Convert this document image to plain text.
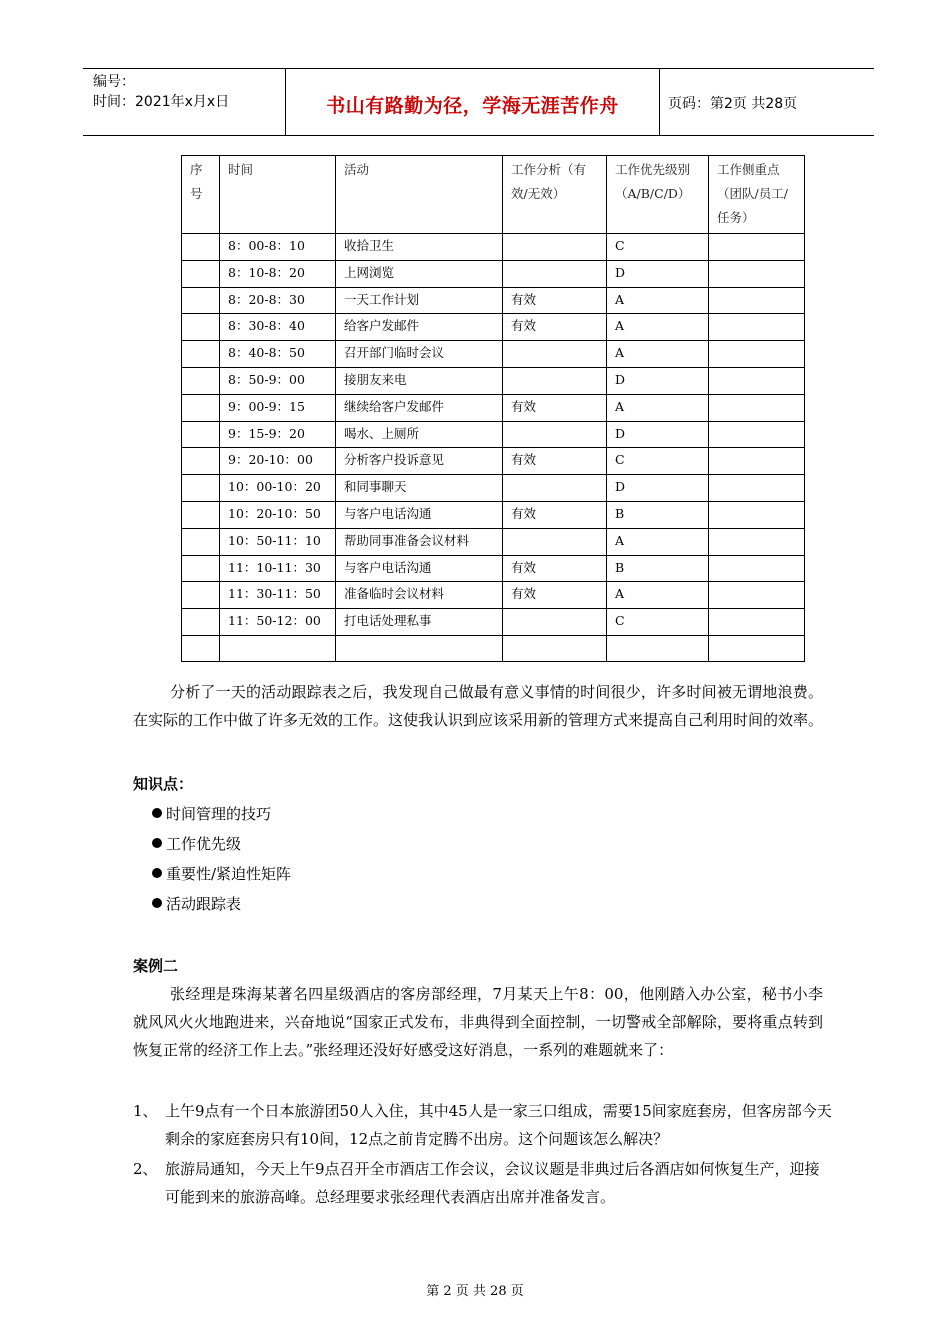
编号：
时间：2021年x月x日	书山有路勤为径，学海无涯苦作舟	页码：第2页 共28页
序号	时间	活动	工作分析（有效/无效）	工作优先级别（A/B/C/D）	工作侧重点（团队/员工/任务）
	8：00-8：10	收拾卫生		C	
	8：10-8：20	上网浏览		D	
	8：20-8：30	一天工作计划	有效	A	
	8：30-8：40	给客户发邮件	有效	A	
	8：40-8：50	召开部门临时会议		A	
	8：50-9：00	接朋友来电		D	
	9：00-9：15	继续给客户发邮件	有效	A	
	9：15-9：20	喝水、上厕所		D	
	9：20-10：00	分析客户投诉意见	有效	C	
	10：00-10：20	和同事聊天		D	
	10：20-10：50	与客户电话沟通	有效	B	
	10：50-11：10	帮助同事准备会议材料		A	
	11：10-11：30	与客户电话沟通	有效	B	
	11：30-11：50	准备临时会议材料	有效	A	
	11：50-12：00	打电话处理私事		C	

分析了一天的活动跟踪表之后，我发现自己做最有意义事情的时间很少，许多时间被无谓地浪费。在实际的工作中做了许多无效的工作。这使我认识到应该采用新的管理方式来提高自己利用时间的效率。

知识点：
时间管理的技巧
工作优先级
重要性/紧迫性矩阵
活动跟踪表
案例二

张经理是珠海某著名四星级酒店的客房部经理，7月某天上午8：00，他刚踏入办公室，秘书小李就风风火火地跑进来，兴奋地说“国家正式发布，非典得到全面控制，一切警戒全部解除，要将重点转到恢复正常的经济工作上去。”张经理还没好好感受这好消息，一系列的难题就来了：

1、 上午9点有一个日本旅游团50人入住，其中45人是一家三口组成，需要15间家庭套房，但客房部今天剩余的家庭套房只有10间，12点之前肯定腾不出房。这个问题该怎么解决？
2、 旅游局通知，今天上午9点召开全市酒店工作会议，会议议题是非典过后各酒店如何恢复生产，迎接可能到来的旅游高峰。总经理要求张经理代表酒店出席并准备发言。
第 2 页 共 28 页
